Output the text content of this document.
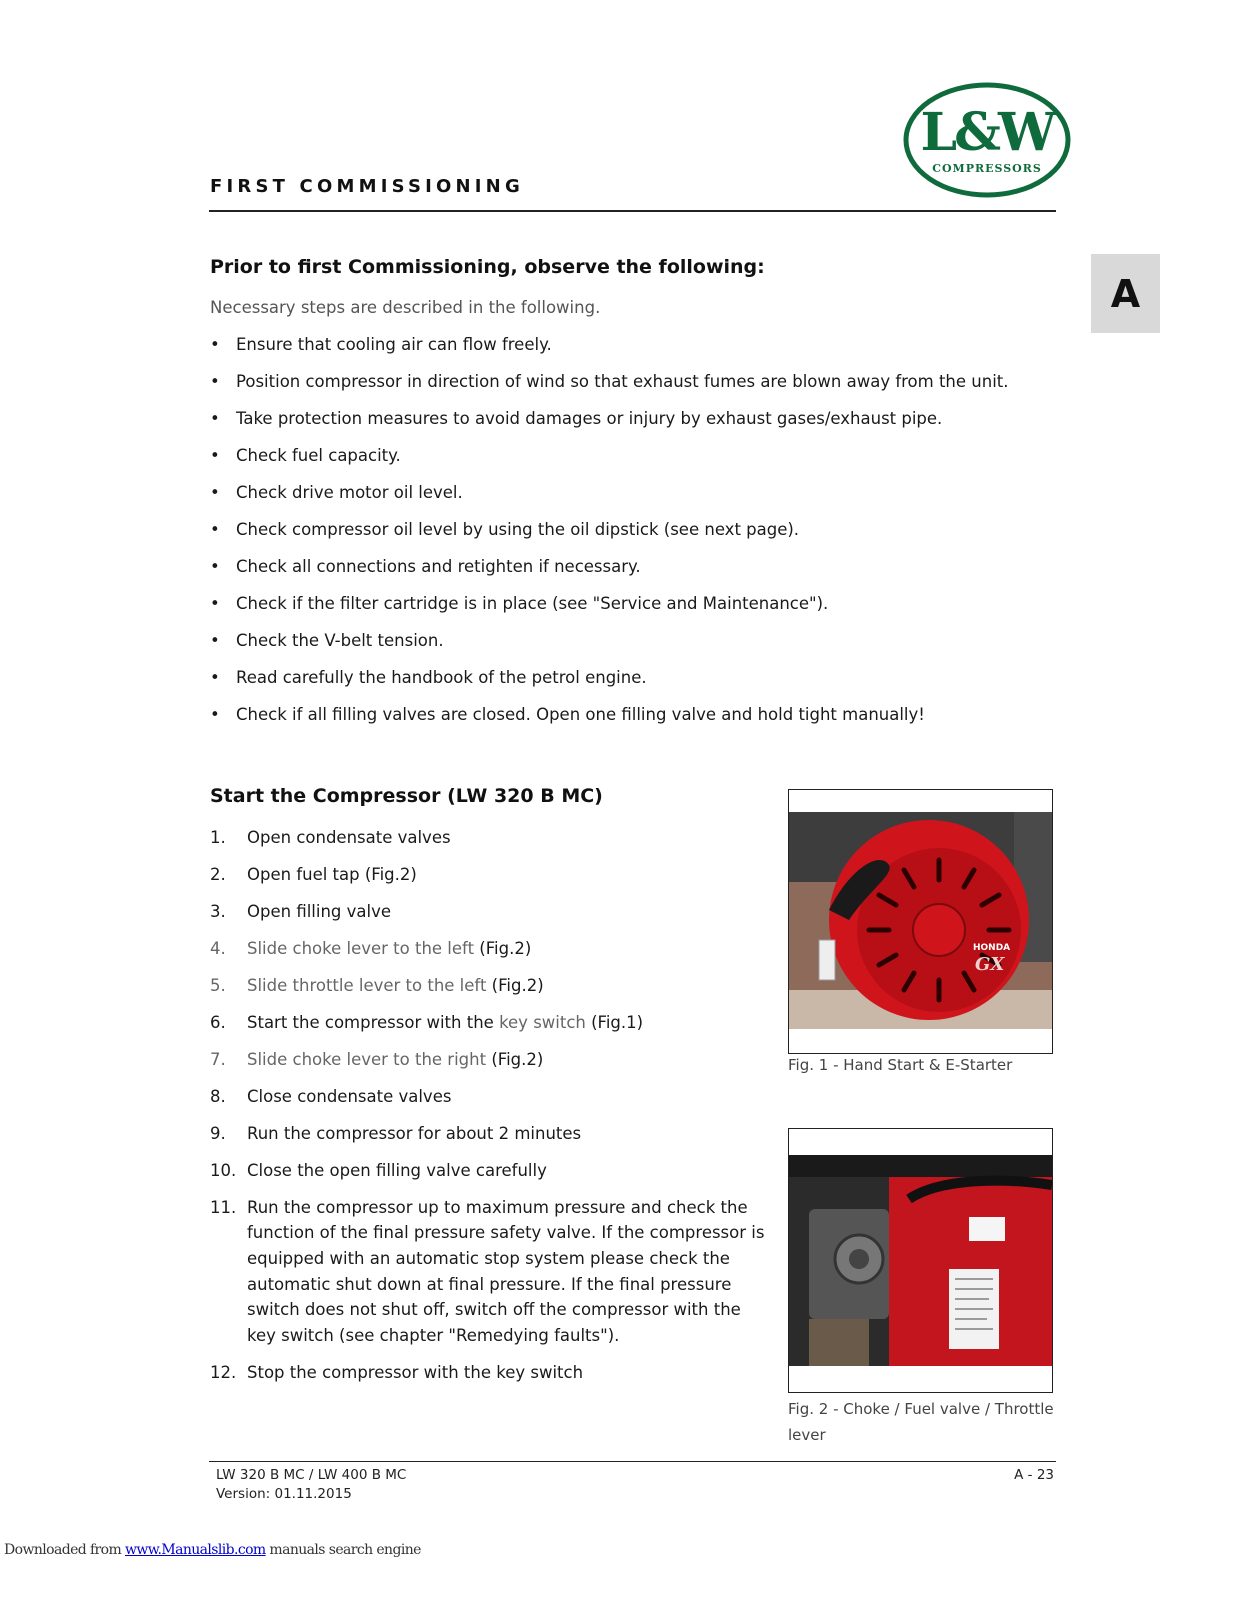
FIRST COMMISSIONING
L&W
COMPRESSORS
A
Prior to first Commissioning, observe the following:
Necessary steps are described in the following.
• Ensure that cooling air can flow freely.
• Position compressor in direction of wind so that exhaust fumes are blown away from the unit.
• Take protection measures to avoid damages or injury by exhaust gases/exhaust pipe.
• Check fuel capacity.
• Check drive motor oil level.
• Check compressor oil level by using the oil dipstick (see next page).
• Check all connections and retighten if necessary.
• Check if the filter cartridge is in place (see "Service and Maintenance").
• Check the V-belt tension.
• Read carefully the handbook of the petrol engine.
• Check if all filling valves are closed. Open one filling valve and hold tight manually!
Start the Compressor (LW 320 B MC)
1. Open condensate valves
2. Open fuel tap (Fig.2)
3. Open filling valve
4. Slide choke lever to the left (Fig.2)
5. Slide throttle lever to the left (Fig.2)
6. Start the compressor with the key switch (Fig.1)
7. Slide choke lever to the right (Fig.2)
8. Close condensate valves
9. Run the compressor for about 2 minutes
10. Close the open filling valve carefully
11. Run the compressor up to maximum pressure and check the function of the final pressure safety valve. If the compressor is equipped with an automatic stop system please check the automatic shut down at final pressure. If the final pressure switch does not shut off, switch off the compressor with the key switch (see chapter "Remedying faults").
12. Stop the compressor with the key switch
HONDA
GX
Fig. 1 - Hand Start & E-Starter
Fig. 2 - Choke / Fuel valve / Throttle lever
LW 320 B MC / LW 400 B MC
Version: 01.11.2015
A - 23
Downloaded from www.Manualslib.com manuals search engine
